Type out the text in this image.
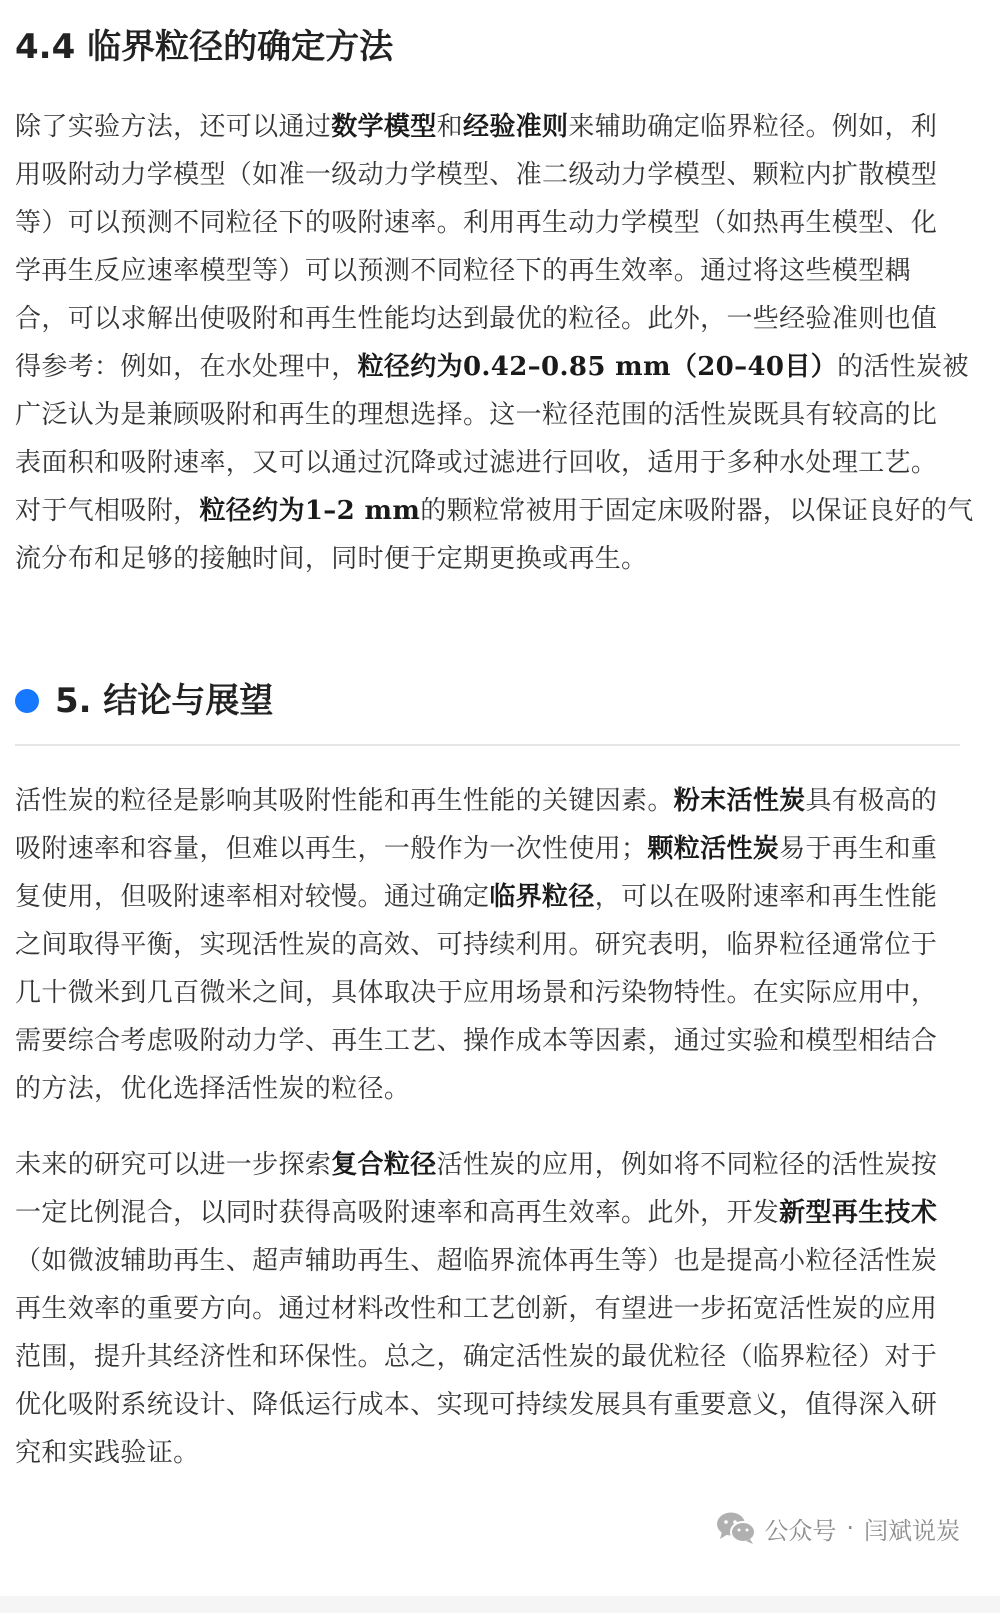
4.4 临界粒径的确定方法

除了实验方法，还可以通过数学模型和经验准则来辅助确定临界粒径。例如，利
用吸附动力学模型（如准一级动力学模型、准二级动力学模型、颗粒内扩散模型
等）可以预测不同粒径下的吸附速率。利用再生动力学模型（如热再生模型、化
学再生反应速率模型等）可以预测不同粒径下的再生效率。通过将这些模型耦
合，可以求解出使吸附和再生性能均达到最优的粒径。此外，一些经验准则也值
得参考：例如，在水处理中，粒径约为0.42–0.85 mm（20–40目）的活性炭被
广泛认为是兼顾吸附和再生的理想选择。这一粒径范围的活性炭既具有较高的比
表面积和吸附速率，又可以通过沉降或过滤进行回收，适用于多种水处理工艺。
对于气相吸附，粒径约为1–2 mm的颗粒常被用于固定床吸附器，以保证良好的气
流分布和足够的接触时间，同时便于定期更换或再生。

5. 结论与展望

活性炭的粒径是影响其吸附性能和再生性能的关键因素。粉末活性炭具有极高的
吸附速率和容量，但难以再生，一般作为一次性使用；颗粒活性炭易于再生和重
复使用，但吸附速率相对较慢。通过确定临界粒径，可以在吸附速率和再生性能
之间取得平衡，实现活性炭的高效、可持续利用。研究表明，临界粒径通常位于
几十微米到几百微米之间，具体取决于应用场景和污染物特性。在实际应用中，
需要综合考虑吸附动力学、再生工艺、操作成本等因素，通过实验和模型相结合
的方法，优化选择活性炭的粒径。

未来的研究可以进一步探索复合粒径活性炭的应用，例如将不同粒径的活性炭按
一定比例混合，以同时获得高吸附速率和高再生效率。此外，开发新型再生技术
（如微波辅助再生、超声辅助再生、超临界流体再生等）也是提高小粒径活性炭
再生效率的重要方向。通过材料改性和工艺创新，有望进一步拓宽活性炭的应用
范围，提升其经济性和环保性。总之，确定活性炭的最优粒径（临界粒径）对于
优化吸附系统设计、降低运行成本、实现可持续发展具有重要意义，值得深入研
究和实践验证。

公众号 · 闫斌说炭
